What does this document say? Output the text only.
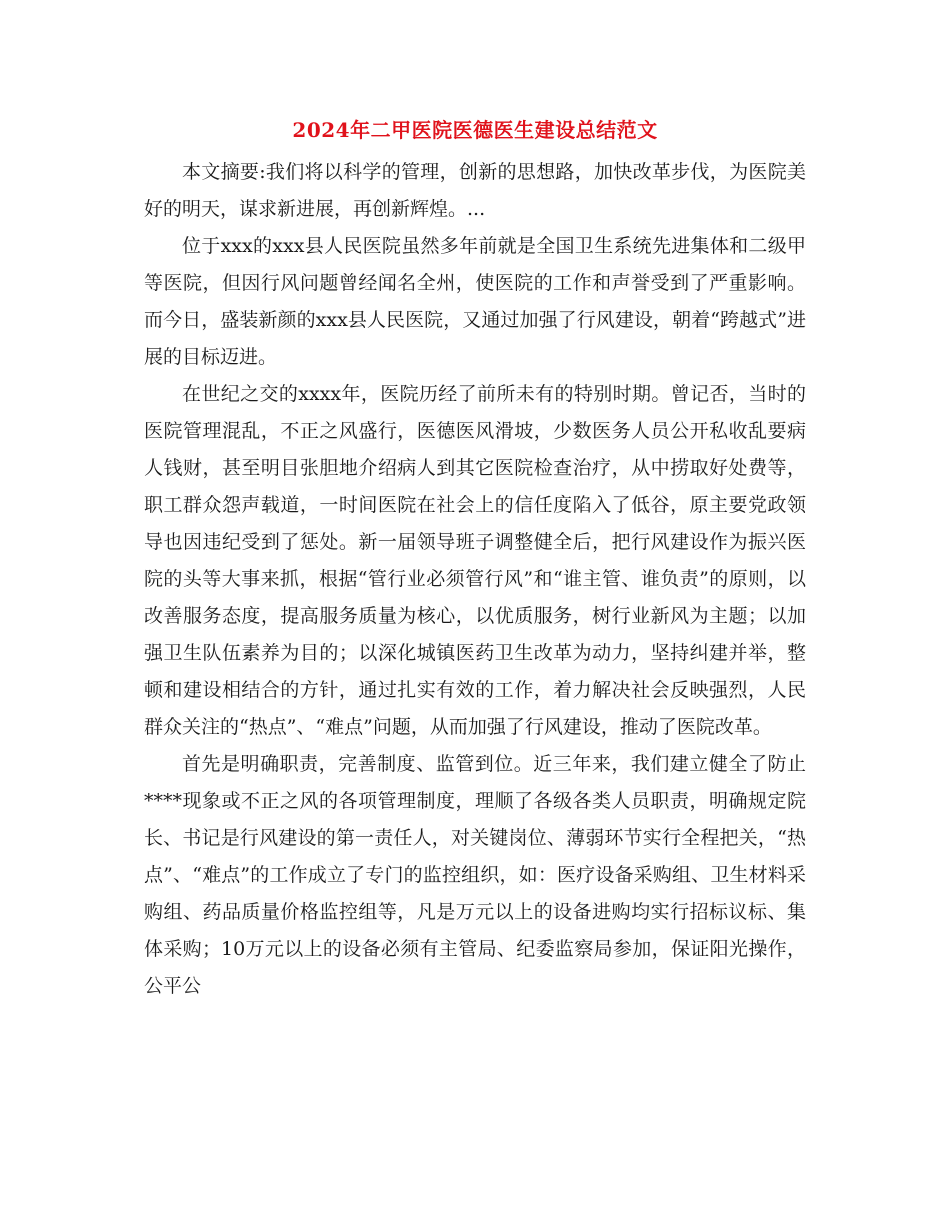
2024年二甲医院医德医生建设总结范文

本文摘要:我们将以科学的管理，创新的思想路，加快改革步伐，为医院美好的明天，谋求新进展，再创新辉煌。...

位于xxx的xxx县人民医院虽然多年前就是全国卫生系统先进集体和二级甲等医院，但因行风问题曾经闻名全州，使医院的工作和声誉受到了严重影响。而今日，盛装新颜的xxx县人民医院，又通过加强了行风建设，朝着“跨越式”进展的目标迈进。

在世纪之交的xxxx年，医院历经了前所未有的特别时期。曾记否，当时的医院管理混乱，不正之风盛行，医德医风滑坡，少数医务人员公开私收乱要病人钱财，甚至明目张胆地介绍病人到其它医院检查治疗，从中捞取好处费等，职工群众怨声载道，一时间医院在社会上的信任度陷入了低谷，原主要党政领导也因违纪受到了惩处。新一届领导班子调整健全后，把行风建设作为振兴医院的头等大事来抓，根据“管行业必须管行风”和“谁主管、谁负责”的原则，以改善服务态度，提高服务质量为核心，以优质服务，树行业新风为主题；以加强卫生队伍素养为目的；以深化城镇医药卫生改革为动力，坚持纠建并举，整顿和建设相结合的方针，通过扎实有效的工作，着力解决社会反映强烈，人民群众关注的“热点”、“难点”问题，从而加强了行风建设，推动了医院改革。

首先是明确职责，完善制度、监管到位。近三年来，我们建立健全了防止****现象或不正之风的各项管理制度，理顺了各级各类人员职责，明确规定院长、书记是行风建设的第一责任人，对关键岗位、薄弱环节实行全程把关，“热点”、“难点”的工作成立了专门的监控组织，如：医疗设备采购组、卫生材料采购组、药品质量价格监控组等，凡是万元以上的设备进购均实行招标议标、集体采购；10万元以上的设备必须有主管局、纪委监察局参加，保证阳光操作，公平公
